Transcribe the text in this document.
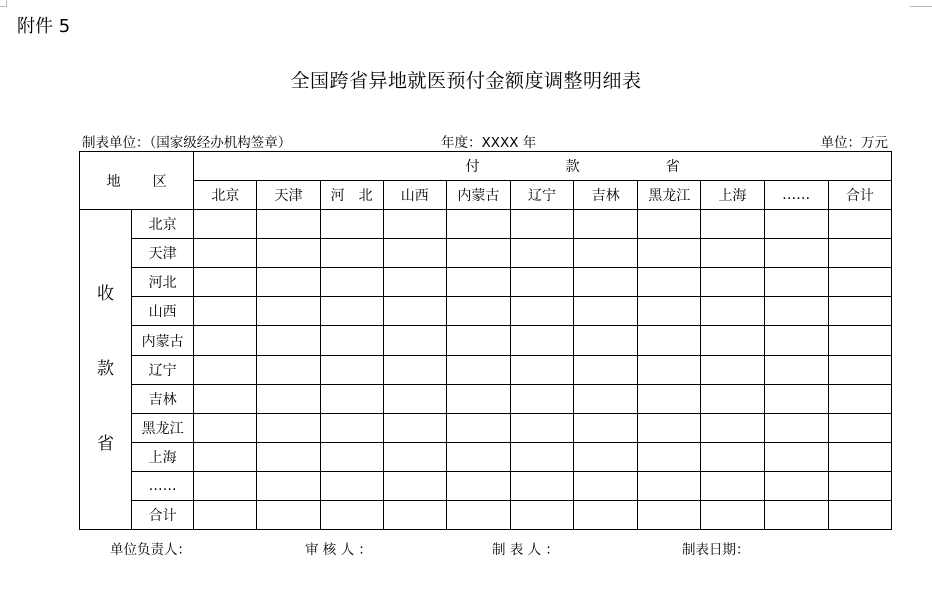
附件 5
全国跨省异地就医预付金额度调整明细表
制表单位：（国家级经办机构签章）	年度：XXXX 年	单位：万元
地 区		付 款 省										
		北京	天津	河　北	山西	内蒙古	辽宁	吉林	黑龙江	上海	……	合计

收
款
省	北京											
	天津											
	河北											
	山西											
	内蒙古											
	辽宁											
	吉林											
	黑龙江											
	上海											
	……											
	合计											
单位负责人：	审 核 人 ：	制 表 人 ：	制表日期：
